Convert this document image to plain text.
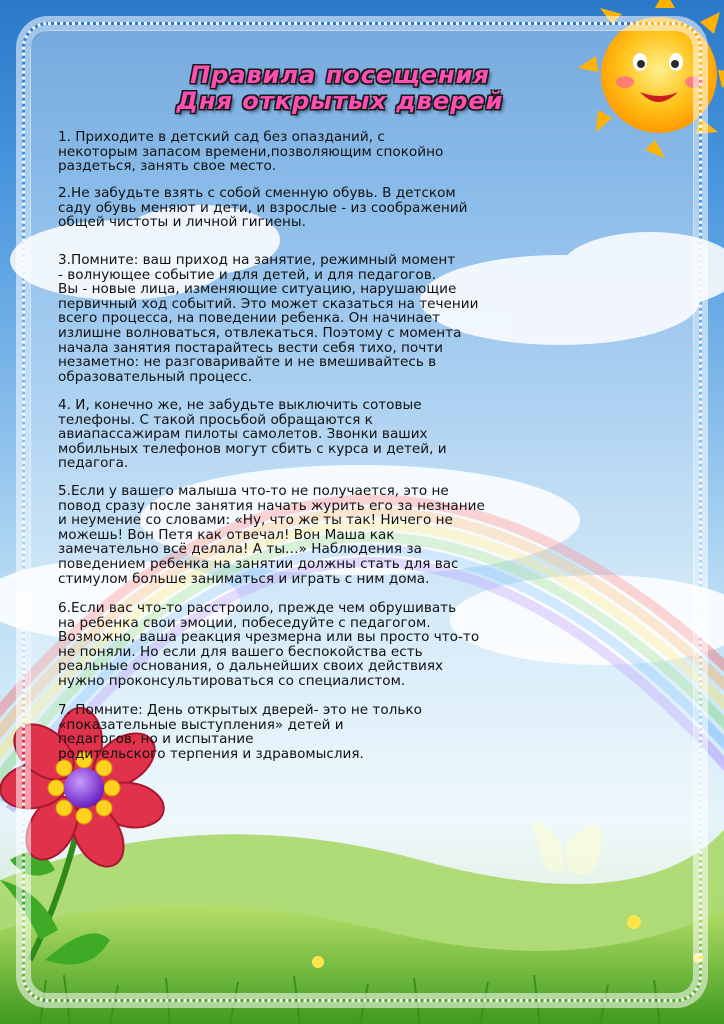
Правила посещения
Дня открытых дверей

1. Приходите в детский сад без опазданий, с
некоторым запасом времени,позволяющим спокойно
раздеться, занять свое место.

2.Не забудьте взять с собой сменную обувь. В детском
саду обувь меняют и дети, и взрослые - из соображений
общей чистоты и личной гигиены.

3.Помните: ваш приход на занятие, режимный момент
- волнующее событие и для детей, и для педагогов.
Вы - новые лица, изменяющие ситуацию, нарушающие
первичный ход событий. Это может сказаться на течении
всего процесса, на поведении ребенка. Он начинает
излишне волноваться, отвлекаться. Поэтому с момента
начала занятия постарайтесь вести себя тихо, почти
незаметно: не разговаривайте и не вмешивайтесь в
образовательный процесс.

4. И, конечно же, не забудьте выключить сотовые
телефоны. С такой просьбой обращаются к
авиапассажирам пилоты самолетов. Звонки ваших
мобильных телефонов могут сбить с курса и детей, и
педагога.

5.Если у вашего малыша что-то не получается, это не
повод сразу после занятия начать журить его за незнание
и неумение со словами: «Ну, что же ты так! Ничего не
можешь! Вон Петя как отвечал! Вон Маша как
замечательно всё делала! А ты…» Наблюдения за
поведением ребенка на занятии должны стать для вас
стимулом больше заниматься и играть с ним дома.

6.Если вас что-то расстроило, прежде чем обрушивать
на ребенка свои эмоции, побеседуйте с педагогом.
Возможно, ваша реакция чрезмерна или вы просто что-то
не поняли. Но если для вашего беспокойства есть
реальные основания, о дальнейших своих действиях
нужно проконсультироваться со специалистом.

7. Помните: День открытых дверей- это не только
«показательные выступления» детей и
педагогов, но и испытание
родительского терпения и здравомыслия.
